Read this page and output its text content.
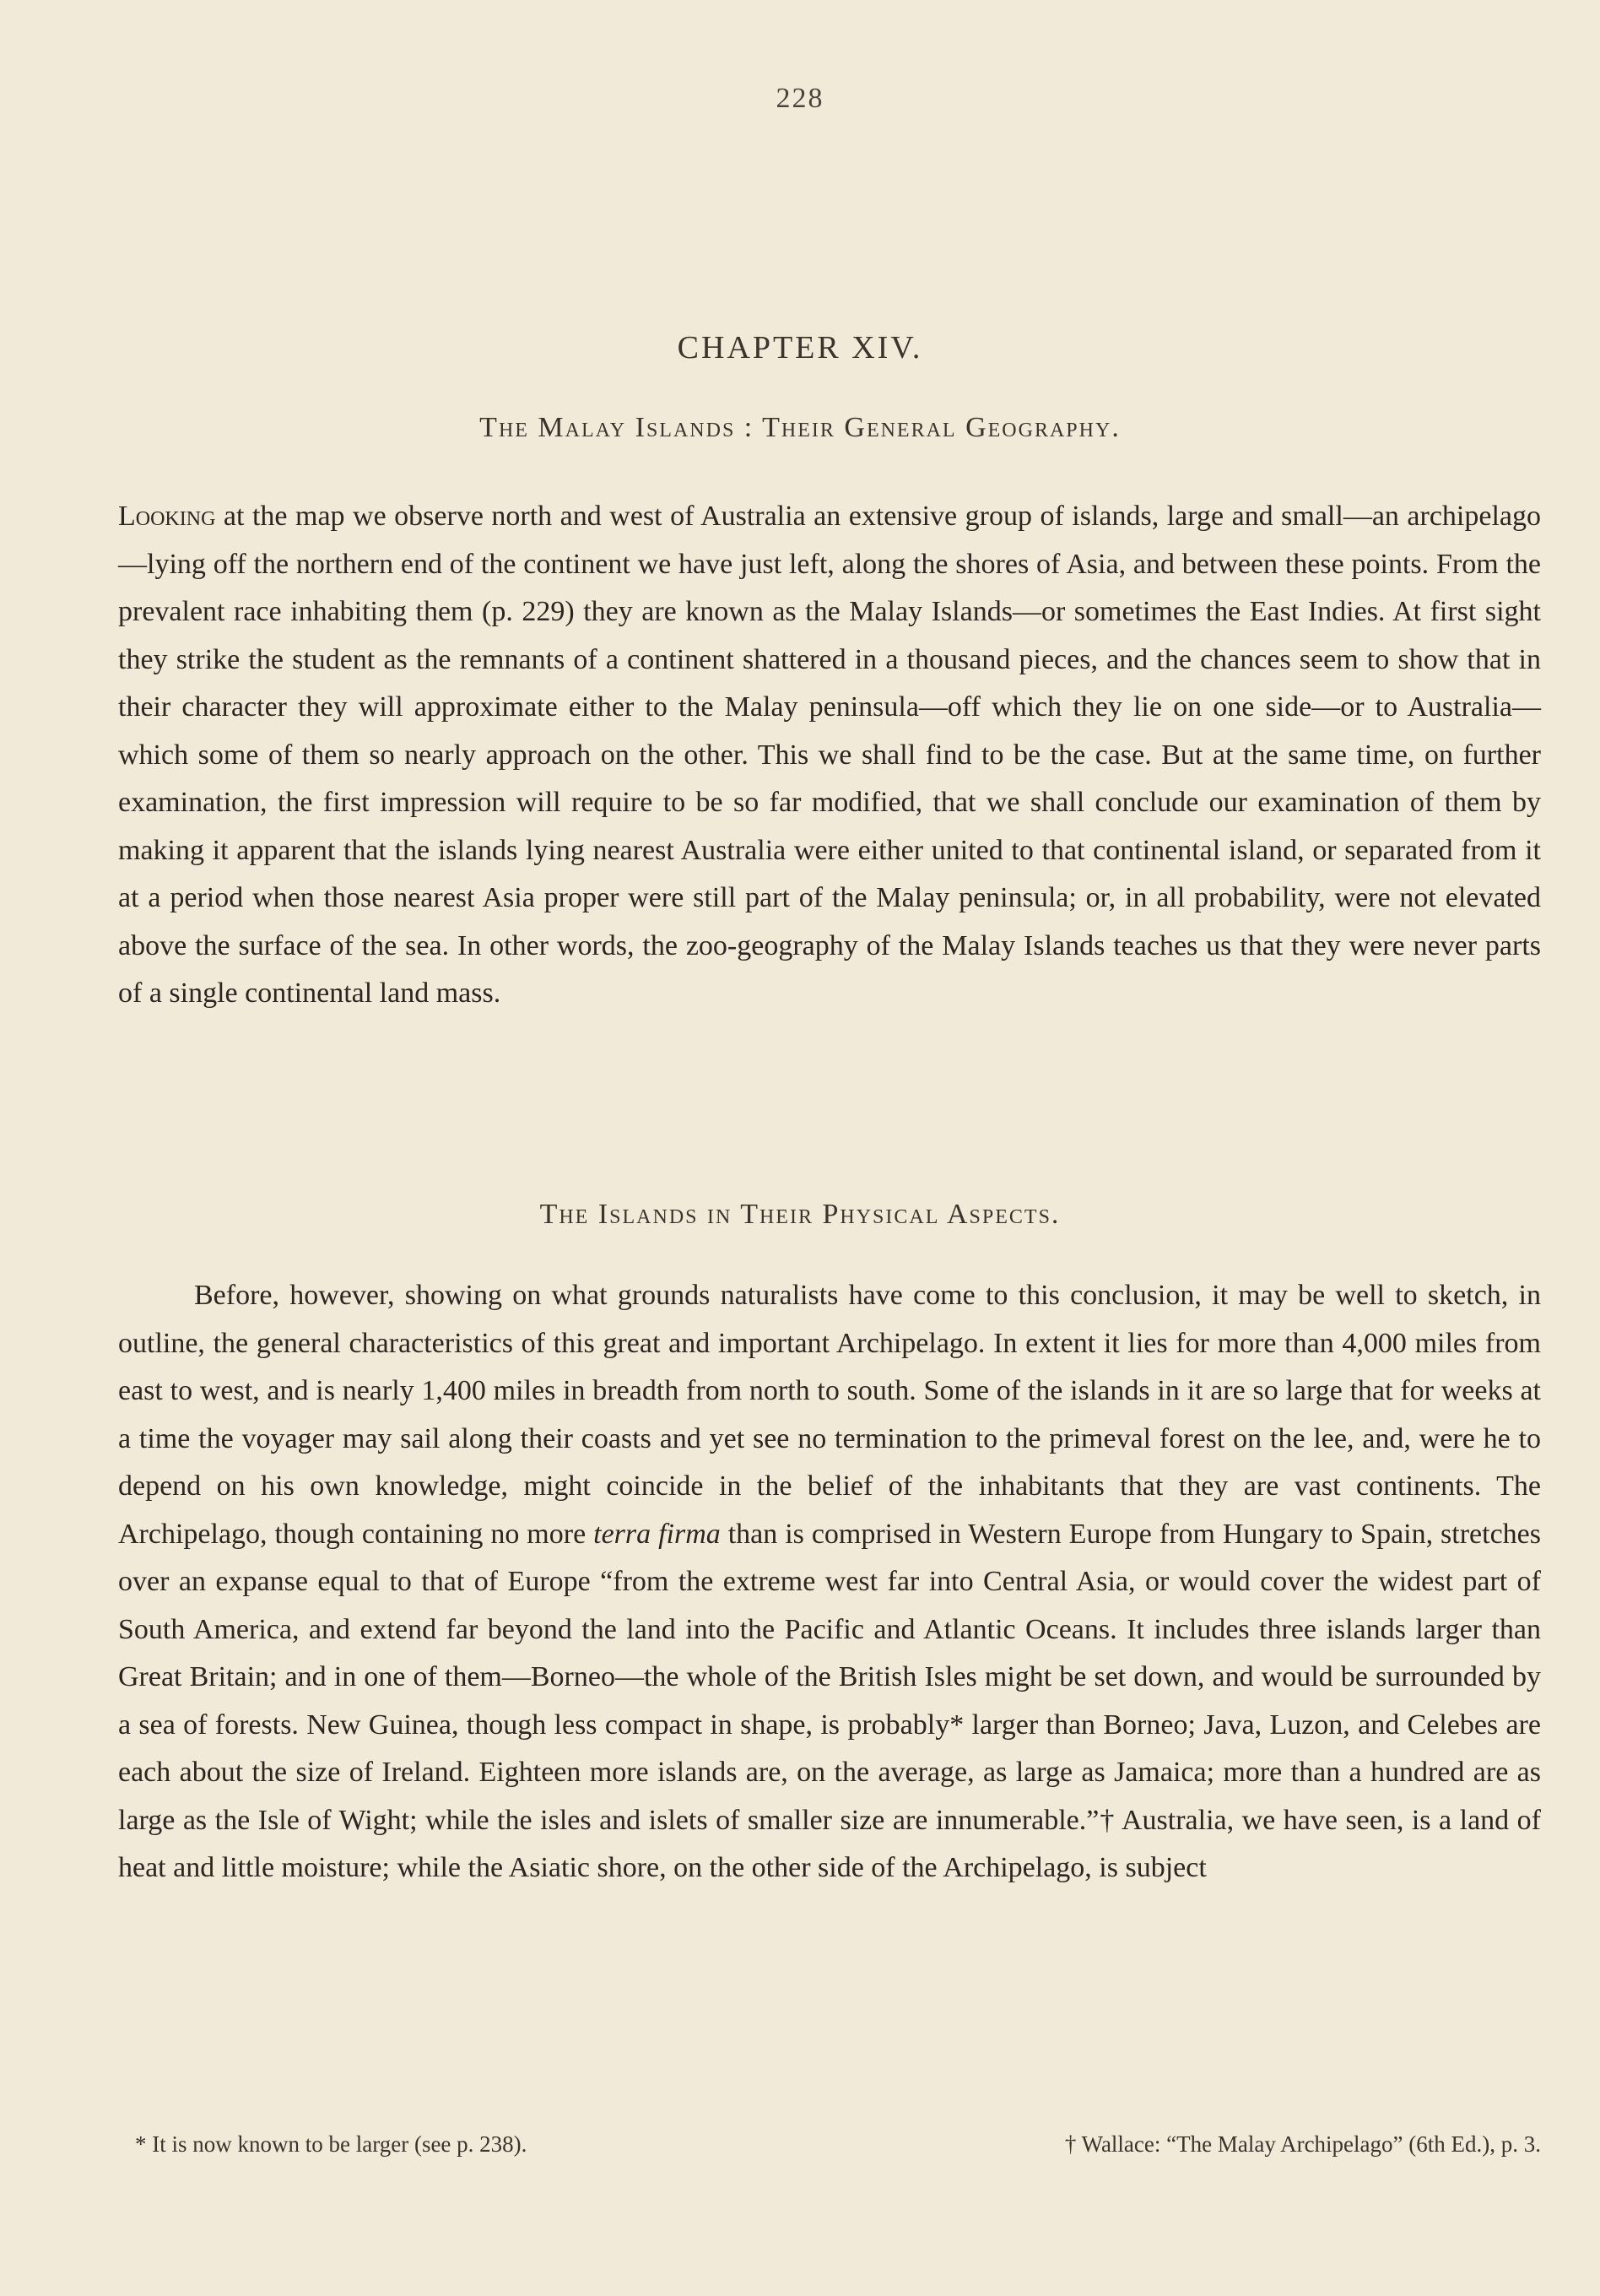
228
CHAPTER XIV.
The Malay Islands : Their General Geography.
Looking at the map we observe north and west of Australia an extensive group of islands, large and small—an archipelago—lying off the northern end of the continent we have just left, along the shores of Asia, and between these points. From the prevalent race inhabiting them (p. 229) they are known as the Malay Islands—or sometimes the East Indies. At first sight they strike the student as the remnants of a continent shattered in a thousand pieces, and the chances seem to show that in their character they will approximate either to the Malay peninsula—off which they lie on one side—or to Australia—which some of them so nearly approach on the other. This we shall find to be the case. But at the same time, on further examination, the first impression will require to be so far modified, that we shall conclude our examination of them by making it apparent that the islands lying nearest Australia were either united to that continental island, or separated from it at a period when those nearest Asia proper were still part of the Malay peninsula; or, in all probability, were not elevated above the surface of the sea. In other words, the zoo-geography of the Malay Islands teaches us that they were never parts of a single continental land mass.
The Islands in Their Physical Aspects.
Before, however, showing on what grounds naturalists have come to this conclusion, it may be well to sketch, in outline, the general characteristics of this great and important Archipelago. In extent it lies for more than 4,000 miles from east to west, and is nearly 1,400 miles in breadth from north to south. Some of the islands in it are so large that for weeks at a time the voyager may sail along their coasts and yet see no termination to the primeval forest on the lee, and, were he to depend on his own knowledge, might coincide in the belief of the inhabitants that they are vast continents. The Archipelago, though containing no more terra firma than is comprised in Western Europe from Hungary to Spain, stretches over an expanse equal to that of Europe “from the extreme west far into Central Asia, or would cover the widest part of South America, and extend far beyond the land into the Pacific and Atlantic Oceans. It includes three islands larger than Great Britain; and in one of them—Borneo—the whole of the British Isles might be set down, and would be surrounded by a sea of forests. New Guinea, though less compact in shape, is probably* larger than Borneo; Java, Luzon, and Celebes are each about the size of Ireland. Eighteen more islands are, on the average, as large as Jamaica; more than a hundred are as large as the Isle of Wight; while the isles and islets of smaller size are innumerable.”† Australia, we have seen, is a land of heat and little moisture; while the Asiatic shore, on the other side of the Archipelago, is subject
* It is now known to be larger (see p. 238).	† Wallace: “The Malay Archipelago” (6th Ed.), p. 3.
